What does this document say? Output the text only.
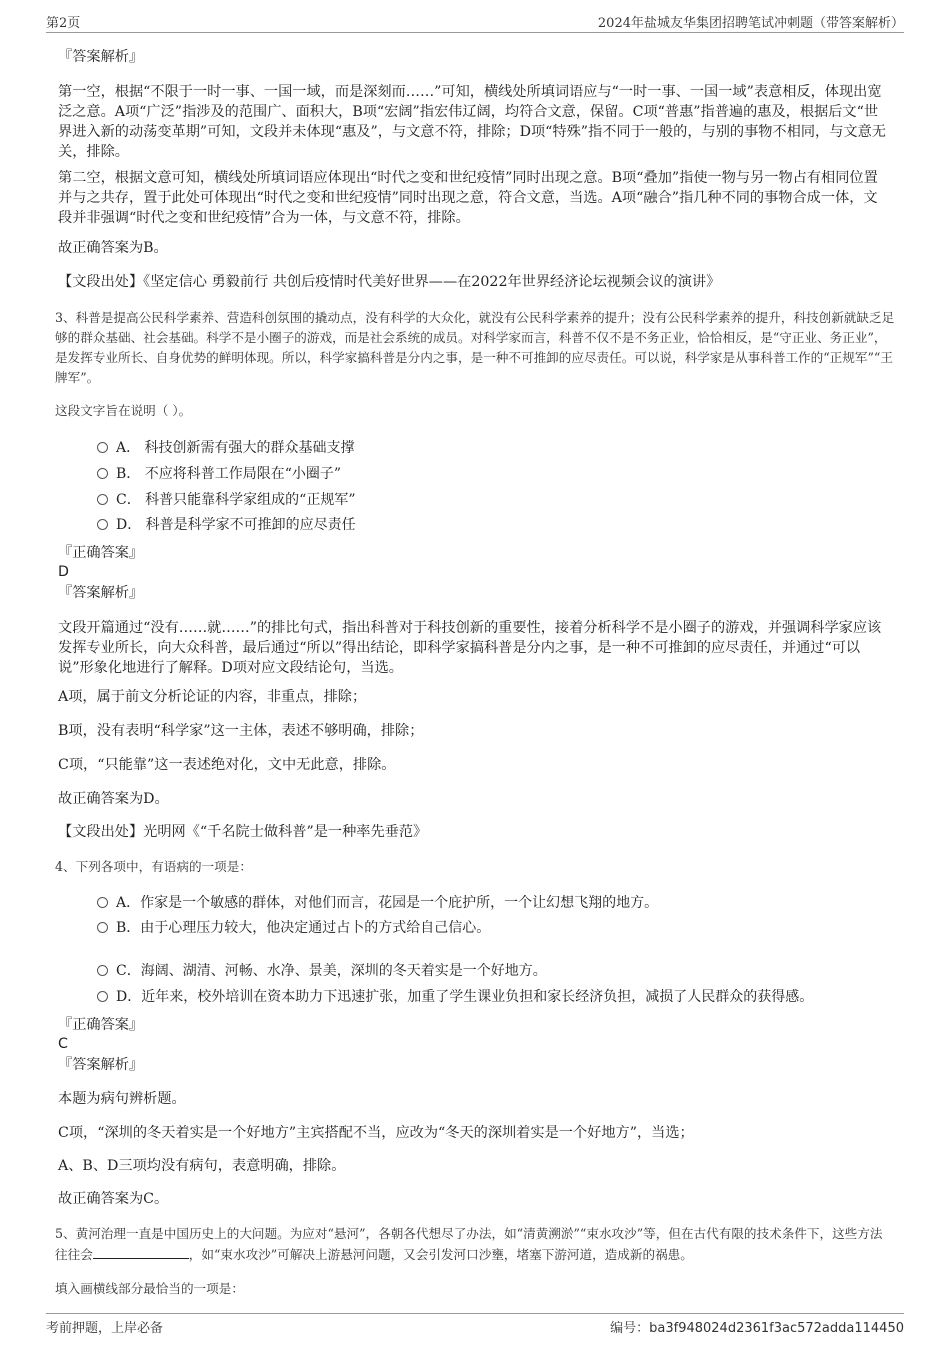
第2页	2024年盐城友华集团招聘笔试冲刺题（带答案解析）
『答案解析』
第一空，根据“不限于一时一事、一国一域，而是深刻而……”可知，横线处所填词语应与“一时一事、一国一域”表意相反，体现出宽泛之意。A项“广泛”指涉及的范围广、面积大，B项“宏阔”指宏伟辽阔，均符合文意，保留。C项“普惠”指普遍的惠及，根据后文“世界进入新的动荡变革期”可知，文段并未体现“惠及”，与文意不符，排除；D项“特殊”指不同于一般的，与别的事物不相同，与文意无关，排除。
第二空，根据文意可知，横线处所填词语应体现出“时代之变和世纪疫情”同时出现之意。B项“叠加”指使一物与另一物占有相同位置并与之共存，置于此处可体现出“时代之变和世纪疫情”同时出现之意，符合文意，当选。A项“融合”指几种不同的事物合成一体，文段并非强调“时代之变和世纪疫情”合为一体，与文意不符，排除。
故正确答案为B。
【文段出处】《坚定信心 勇毅前行 共创后疫情时代美好世界——在2022年世界经济论坛视频会议的演讲》
3、科普是提高公民科学素养、营造科创氛围的撬动点，没有科学的大众化，就没有公民科学素养的提升；没有公民科学素养的提升，科技创新就缺乏足够的群众基础、社会基础。科学不是小圈子的游戏，而是社会系统的成员。对科学家而言，科普不仅不是不务正业，恰恰相反，是“守正业、务正业”，是发挥专业所长、自身优势的鲜明体现。所以，科学家搞科普是分内之事，是一种不可推卸的应尽责任。可以说，科学家是从事科普工作的“正规军”“王牌军”。
这段文字旨在说明（ ）。
A． 科技创新需有强大的群众基础支撑
B． 不应将科普工作局限在“小圈子”
C． 科普只能靠科学家组成的“正规军”
D． 科普是科学家不可推卸的应尽责任
『正确答案』
D
『答案解析』
文段开篇通过“没有……就……”的排比句式，指出科普对于科技创新的重要性，接着分析科学不是小圈子的游戏，并强调科学家应该发挥专业所长，向大众科普，最后通过“所以”得出结论，即科学家搞科普是分内之事，是一种不可推卸的应尽责任，并通过“可以说”形象化地进行了解释。D项对应文段结论句，当选。
A项，属于前文分析论证的内容，非重点，排除；
B项，没有表明“科学家”这一主体，表述不够明确，排除；
C项，“只能靠”这一表述绝对化，文中无此意，排除。
故正确答案为D。
【文段出处】光明网《“千名院士做科普”是一种率先垂范》
4、下列各项中，有语病的一项是：
A．作家是一个敏感的群体，对他们而言，花园是一个庇护所，一个让幻想飞翔的地方。
B．由于心理压力较大，他决定通过占卜的方式给自己信心。
C．海阔、湖清、河畅、水净、景美，深圳的冬天着实是一个好地方。
D．近年来，校外培训在资本助力下迅速扩张，加重了学生课业负担和家长经济负担，减损了人民群众的获得感。
『正确答案』
C
『答案解析』
本题为病句辨析题。
C项，“深圳的冬天着实是一个好地方”主宾搭配不当，应改为“冬天的深圳着实是一个好地方”，当选；
A、B、D三项均没有病句，表意明确，排除。
故正确答案为C。
5、黄河治理一直是中国历史上的大问题。为应对“悬河”，各朝各代想尽了办法，如“清黄溯淤”“束水攻沙”等，但在古代有限的技术条件下，这些方法往往会	，如“束水攻沙”可解决上游悬河问题，又会引发河口沙壅，堵塞下游河道，造成新的祸患。
填入画横线部分最恰当的一项是：
考前押题，上岸必备	编号：ba3f948024d2361f3ac572adda114450
